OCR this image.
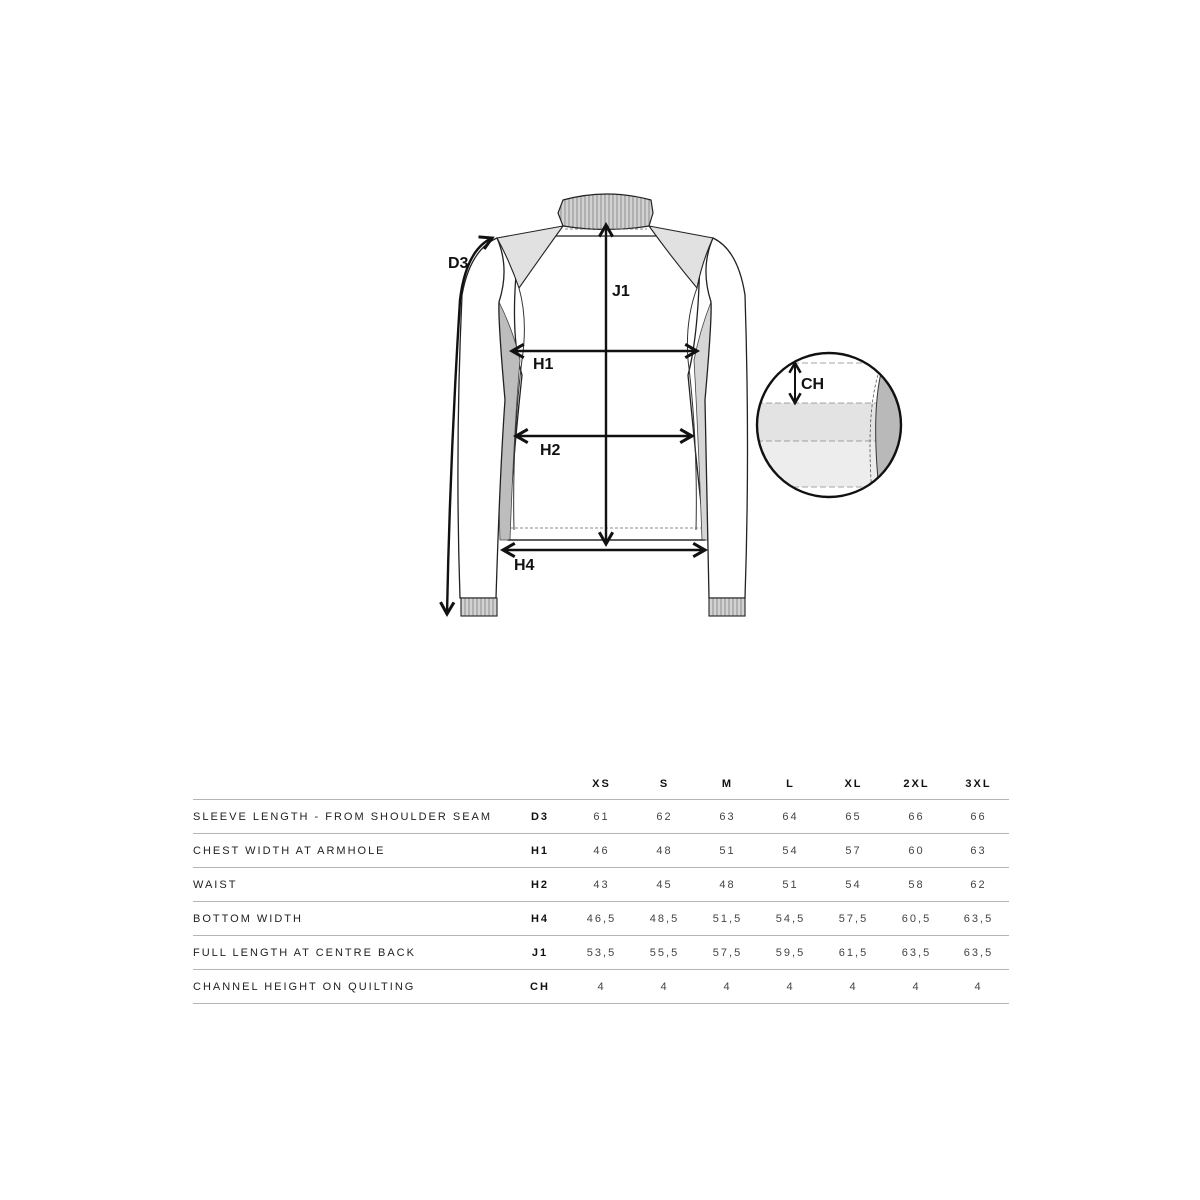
D3
J1
H1
H2
H4
CH
		XS	S	M	L	XL	2XL	3XL
SLEEVE LENGTH - FROM SHOULDER SEAM	D3	61	62	63	64	65	66	66
CHEST WIDTH AT ARMHOLE	H1	46	48	51	54	57	60	63
WAIST	H2	43	45	48	51	54	58	62
BOTTOM WIDTH	H4	46,5	48,5	51,5	54,5	57,5	60,5	63,5
FULL LENGTH AT CENTRE BACK	J1	53,5	55,5	57,5	59,5	61,5	63,5	63,5
CHANNEL HEIGHT ON QUILTING	CH	4	4	4	4	4	4	4
